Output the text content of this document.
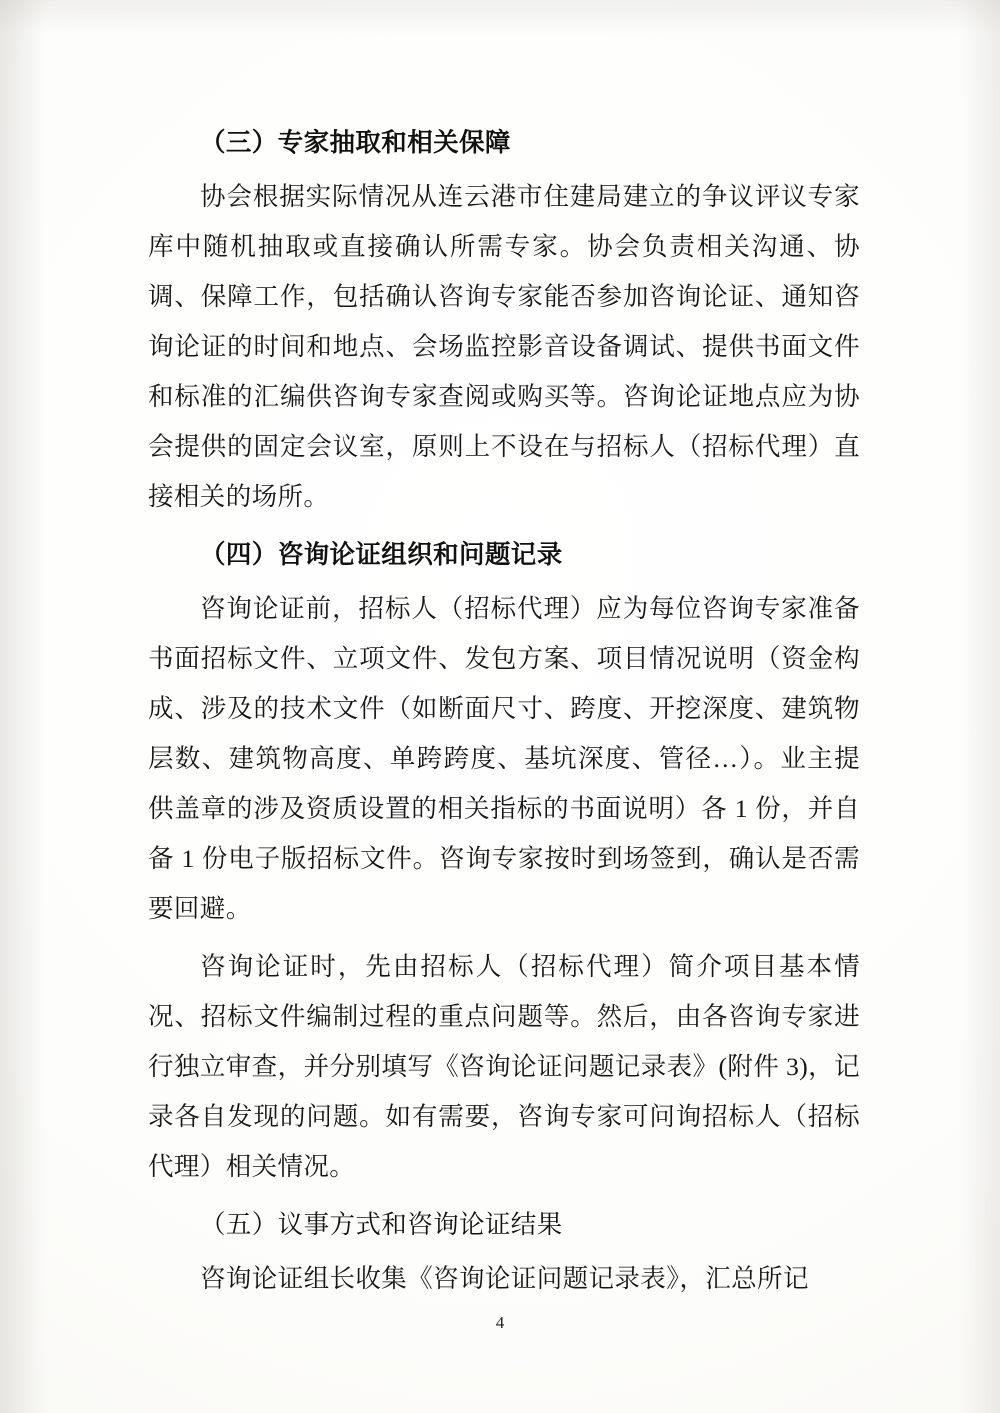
（三）专家抽取和相关保障

协会根据实际情况从连云港市住建局建立的争议评议专家库中随机抽取或直接确认所需专家。协会负责相关沟通、协调、保障工作，包括确认咨询专家能否参加咨询论证、通知咨询论证的时间和地点、会场监控影音设备调试、提供书面文件和标准的汇编供咨询专家查阅或购买等。咨询论证地点应为协会提供的固定会议室，原则上不设在与招标人（招标代理）直接相关的场所。

（四）咨询论证组织和问题记录

咨询论证前，招标人（招标代理）应为每位咨询专家准备书面招标文件、立项文件、发包方案、项目情况说明（资金构成、涉及的技术文件（如断面尺寸、跨度、开挖深度、建筑物层数、建筑物高度、单跨跨度、基坑深度、管径…）。业主提供盖章的涉及资质设置的相关指标的书面说明）各 1 份，并自备 1 份电子版招标文件。咨询专家按时到场签到，确认是否需要回避。

咨询论证时，先由招标人（招标代理）简介项目基本情况、招标文件编制过程的重点问题等。然后，由各咨询专家进行独立审查，并分别填写《咨询论证问题记录表》(附件 3)，记录各自发现的问题。如有需要，咨询专家可问询招标人（招标代理）相关情况。

（五）议事方式和咨询论证结果

咨询论证组长收集《咨询论证问题记录表》，汇总所记

4
